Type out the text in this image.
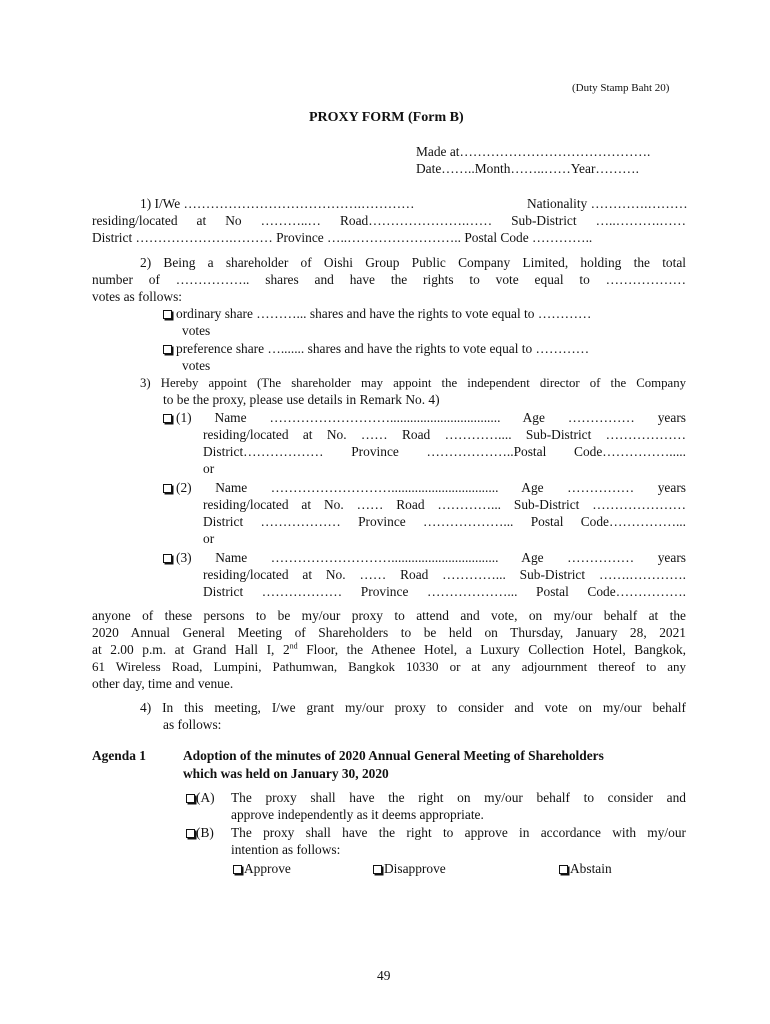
(Duty Stamp Baht 20)
PROXY FORM (Form B)
Made at…………………………………….
Date……..Month……..……Year……….
1) I/We ………………………………….…………	Nationality ………….………
residing/located at No ………..… Road………………….…… Sub-District …..……….……
District ………………….……… Province …..…………………….. Postal Code …………..
2) Being a shareholder of Oishi Group Public Company Limited, holding the total
number of …………….. shares and have the rights to vote equal to ………………
votes as follows:
ordinary share ………... shares and have the rights to vote equal to …………
votes
preference share …....... shares and have the rights to vote equal to …………
votes
3) Hereby appoint (The shareholder may appoint the independent director of the Company
to be the proxy, please use details in Remark No. 4)
(1) Name ………………………................................. Age …………… years
residing/located at No. …… Road ………….... Sub-District ………………
District……………… Province ………………..Postal Code…………….....
or
(2) Name ………………………................................ Age …………… years
residing/located at No. …… Road …………... Sub-District …………………
District ……………… Province ………………... Postal Code……………...
or
(3) Name ………………………................................ Age …………… years
residing/located at No. …… Road …………... Sub-District …….………….
District ……………… Province ………………... Postal Code…………….
anyone of these persons to be my/our proxy to attend and vote, on my/our behalf at the
2020 Annual General Meeting of Shareholders to be held on Thursday, January 28, 2021
at 2.00 p.m. at Grand Hall I, 2nd Floor, the Athenee Hotel, a Luxury Collection Hotel, Bangkok,
61 Wireless Road, Lumpini, Pathumwan, Bangkok 10330 or at any adjournment thereof to any
other day, time and venue.
4) In this meeting, I/we grant my/our proxy to consider and vote on my/our behalf
as follows:
Agenda 1	Adoption of the minutes of 2020 Annual General Meeting of Shareholders
which was held on January 30, 2020
(A) The proxy shall have the right on my/our behalf to consider and
approve independently as it deems appropriate.
(B) The proxy shall have the right to approve in accordance with my/our
intention as follows:
Approve	Disapprove	Abstain
49
